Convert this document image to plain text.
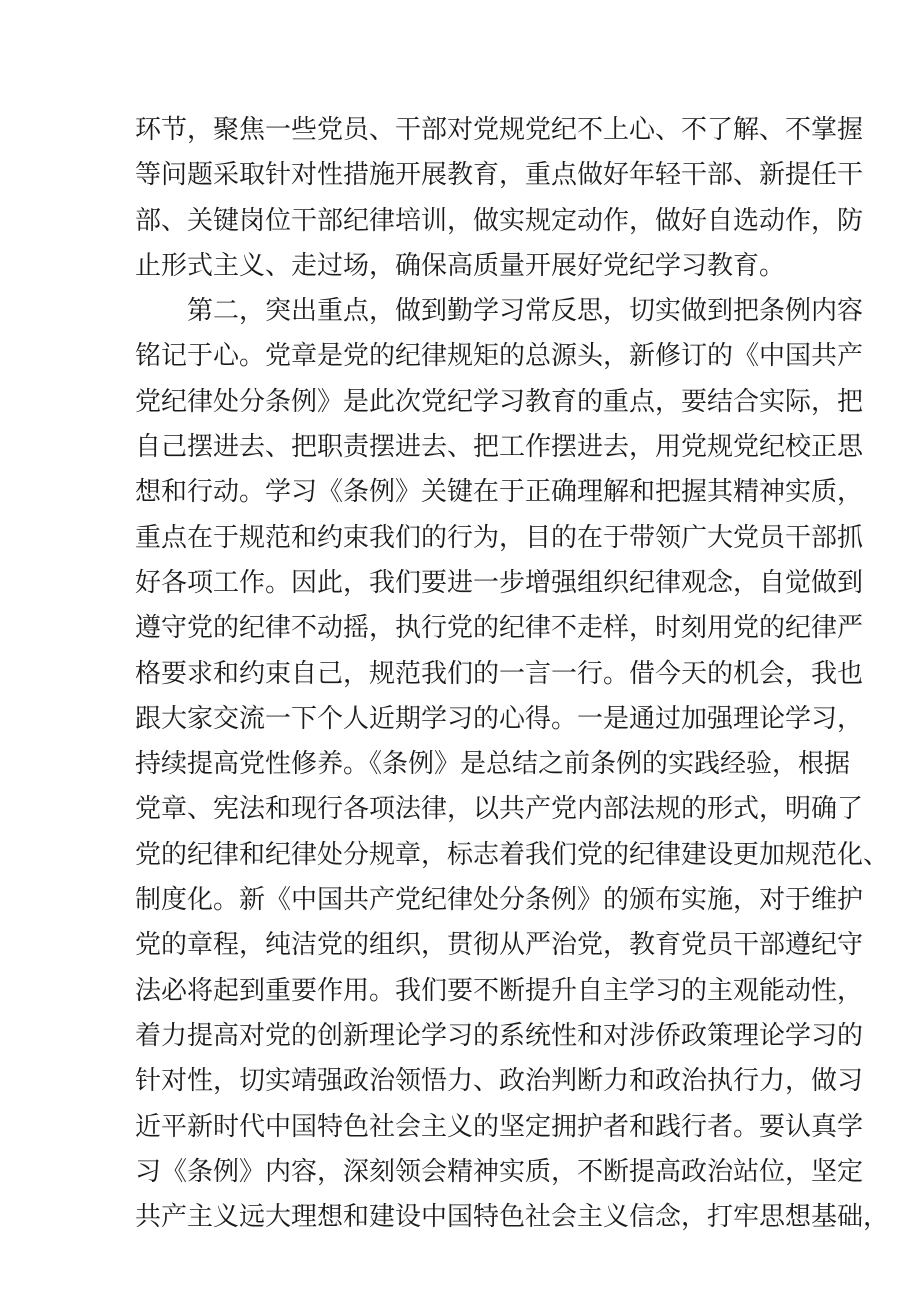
环节，聚焦一些党员、干部对党规党纪不上心、不了解、不掌握
等问题采取针对性措施开展教育，重点做好年轻干部、新提任干
部、关键岗位干部纪律培训，做实规定动作，做好自选动作，防
止形式主义、走过场，确保高质量开展好党纪学习教育。
第二，突出重点，做到勤学习常反思，切实做到把条例内容
铭记于心。党章是党的纪律规矩的总源头，新修订的《中国共产
党纪律处分条例》是此次党纪学习教育的重点，要结合实际，把
自己摆进去、把职责摆进去、把工作摆进去，用党规党纪校正思
想和行动。学习《条例》关键在于正确理解和把握其精神实质，
重点在于规范和约束我们的行为，目的在于带领广大党员干部抓
好各项工作。因此，我们要进一步增强组织纪律观念，自觉做到
遵守党的纪律不动摇，执行党的纪律不走样，时刻用党的纪律严
格要求和约束自己，规范我们的一言一行。借今天的机会，我也
跟大家交流一下个人近期学习的心得。一是通过加强理论学习，
持续提高党性修养。《条例》是总结之前条例的实践经验，根据
党章、宪法和现行各项法律，以共产党内部法规的形式，明确了
党的纪律和纪律处分规章，标志着我们党的纪律建设更加规范化、
制度化。新《中国共产党纪律处分条例》的颁布实施，对于维护
党的章程，纯洁党的组织，贯彻从严治党，教育党员干部遵纪守
法必将起到重要作用。我们要不断提升自主学习的主观能动性，
着力提高对党的创新理论学习的系统性和对涉侨政策理论学习的
针对性，切实靖强政治领悟力、政治判断力和政治执行力，做习
近平新时代中国特色社会主义的坚定拥护者和践行者。要认真学
习《条例》内容，深刻领会精神实质，不断提高政治站位，坚定
共产主义远大理想和建设中国特色社会主义信念，打牢思想基础，
